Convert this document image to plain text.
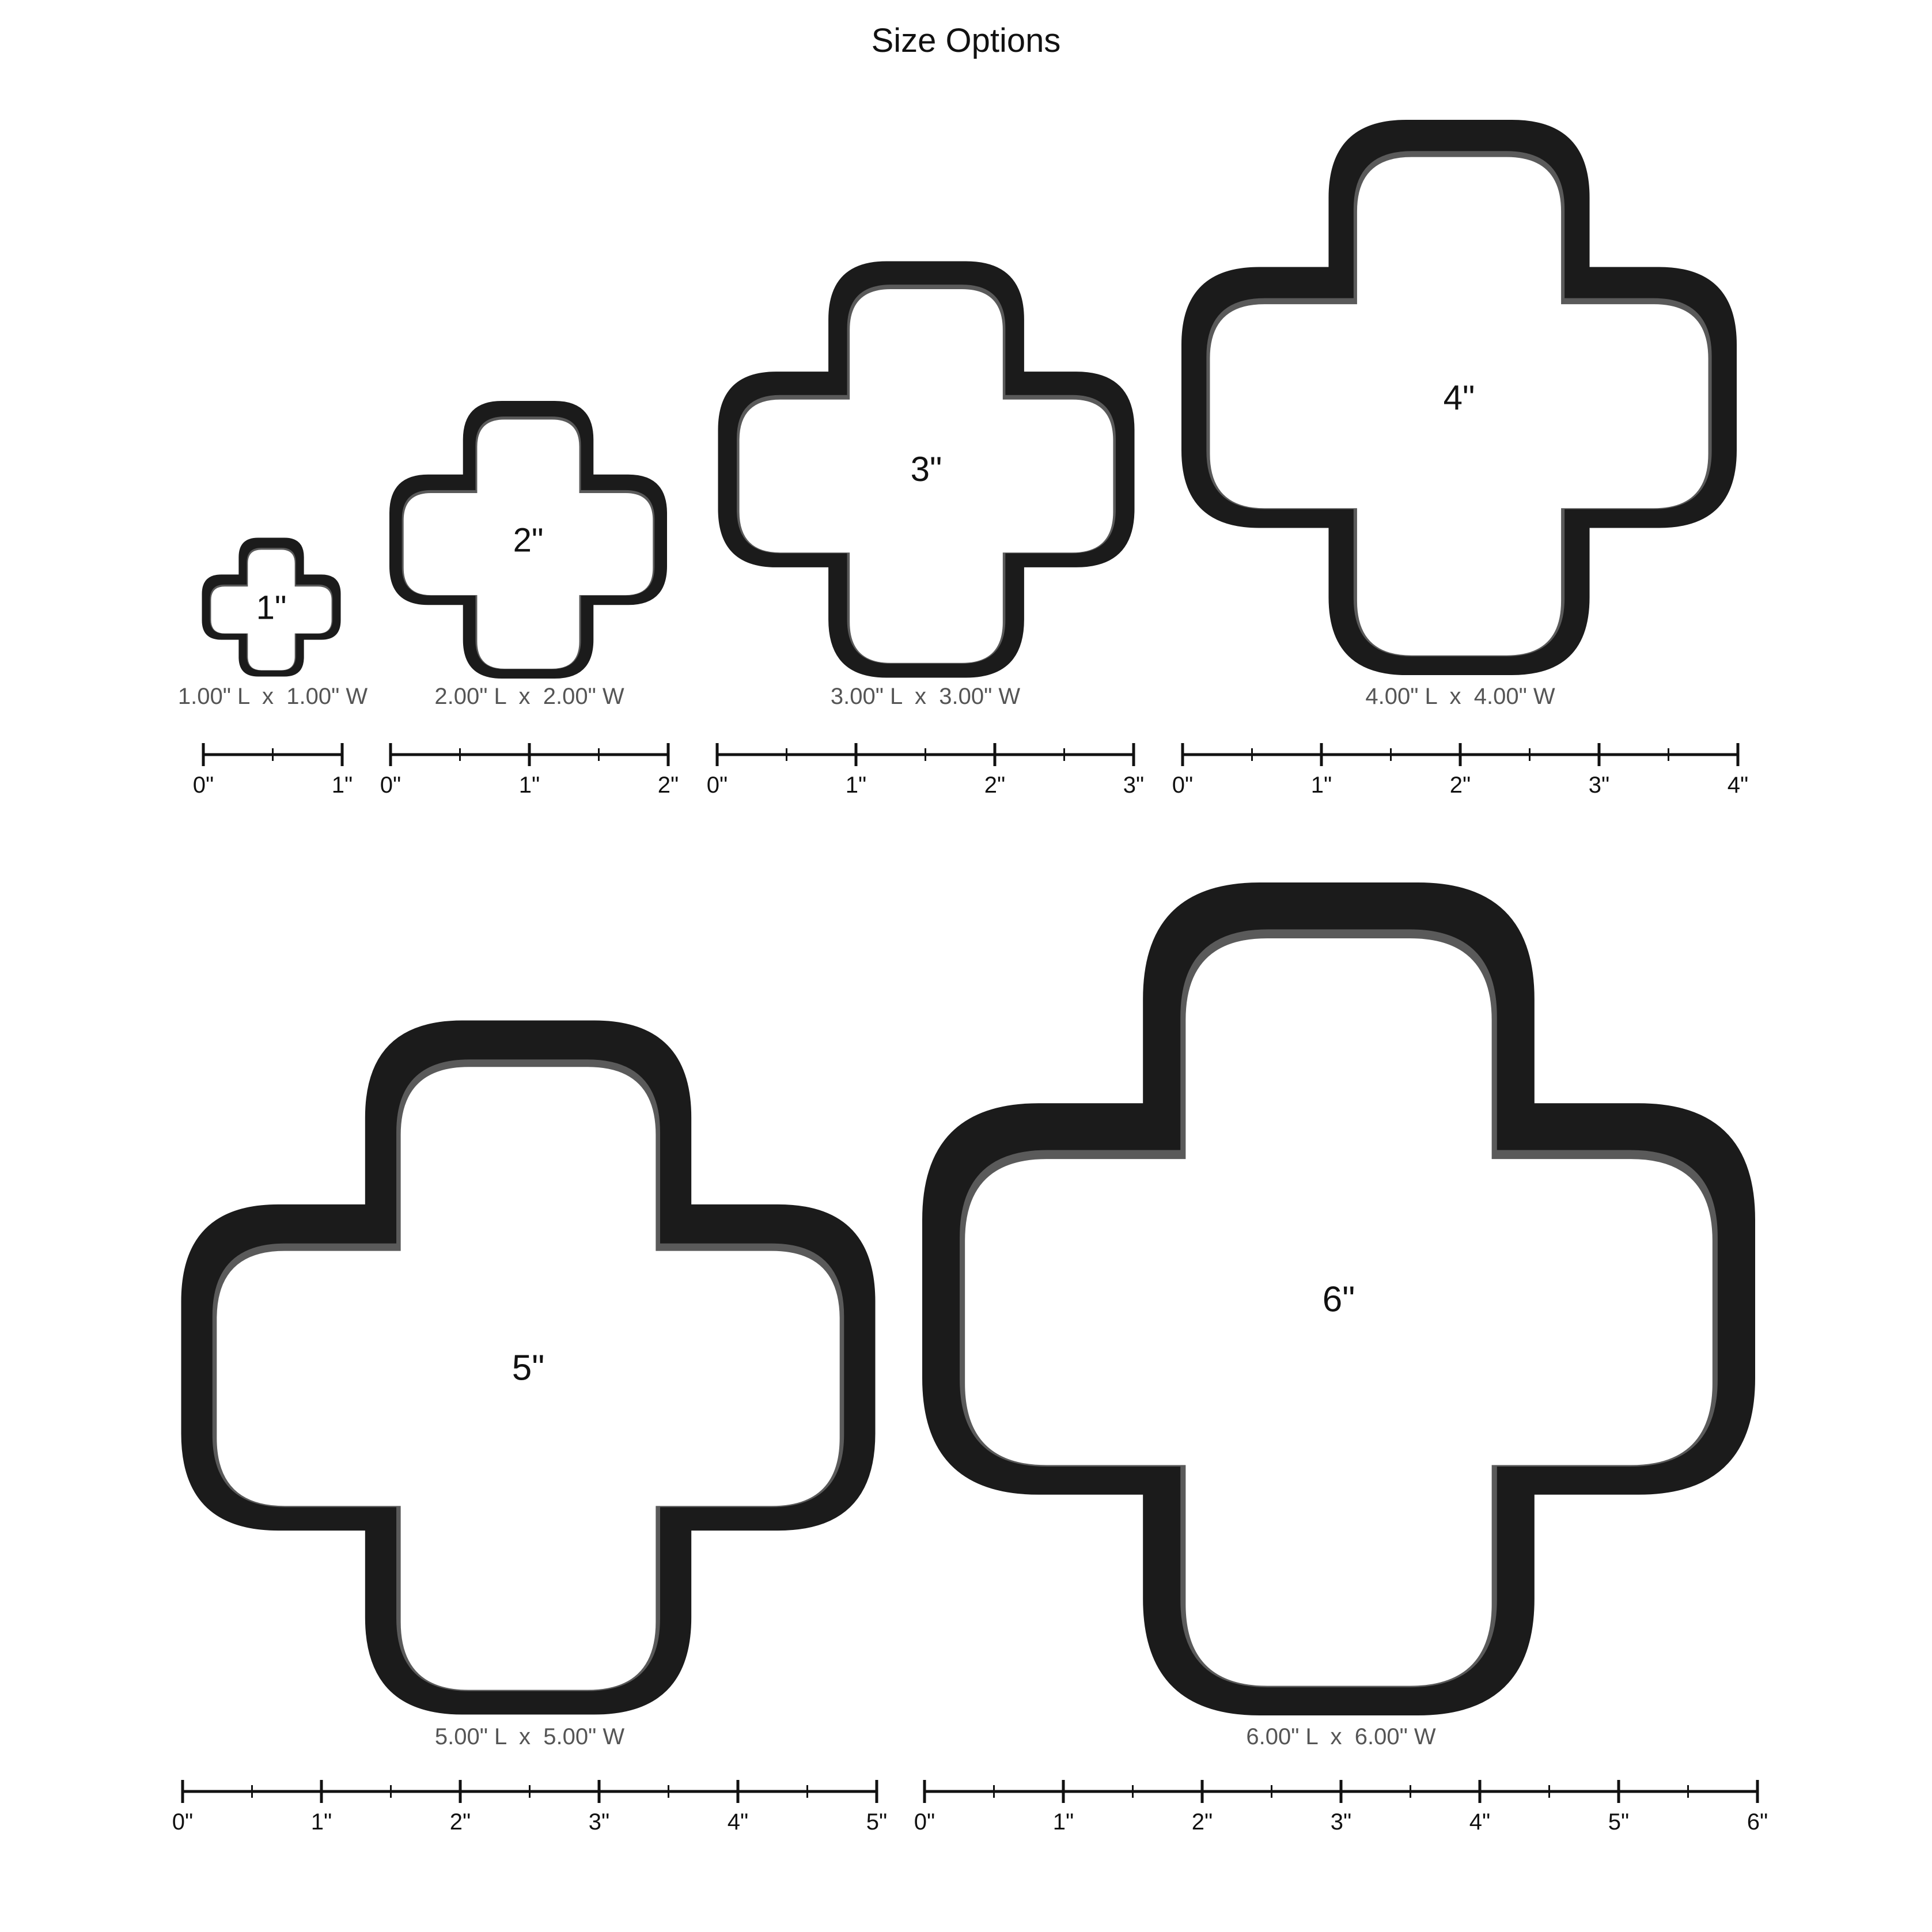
Size Options
1"
1.00" L  x  1.00" W
0"	1"
2"
2.00" L  x  2.00" W
0"	1"	2"
3"
3.00" L  x  3.00" W
0"	1"	2"	3"
4"
4.00" L  x  4.00" W
0"	1"	2"	3"	4"
5"
5.00" L  x  5.00" W
0"	1"	2"	3"	4"	5"
6"
6.00" L  x  6.00" W
0"	1"	2"	3"	4"	5"	6"
